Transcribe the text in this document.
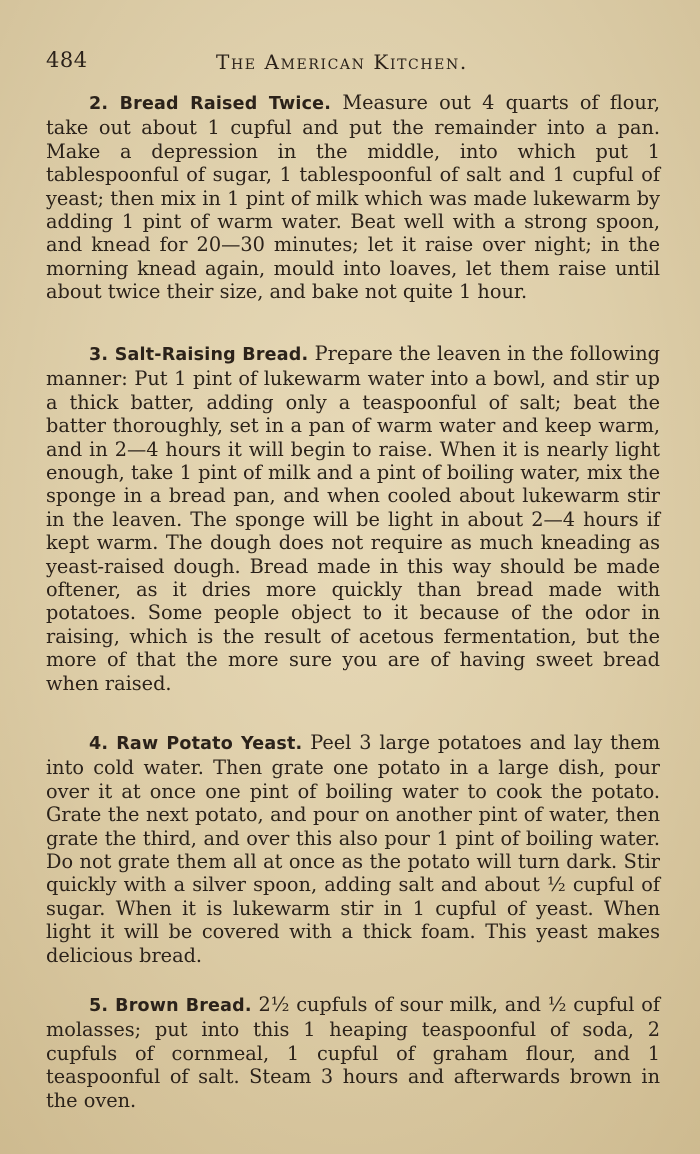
484	The American Kitchen.

2. Bread Raised Twice. Measure out 4 quarts of flour, take out about 1 cupful and put the remainder into a pan. Make a depression in the middle, into which put 1 tablespoonful of sugar, 1 tablespoonful of salt and 1 cupful of yeast; then mix in 1 pint of milk which was made lukewarm by adding 1 pint of warm water. Beat well with a strong spoon, and knead for 20—30 minutes; let it raise over night; in the morning knead again, mould into loaves, let them raise until about twice their size, and bake not quite 1 hour.

3. Salt-Raising Bread. Prepare the leaven in the following manner: Put 1 pint of lukewarm water into a bowl, and stir up a thick batter, adding only a teaspoonful of salt; beat the batter thoroughly, set in a pan of warm water and keep warm, and in 2—4 hours it will begin to raise. When it is nearly light enough, take 1 pint of milk and a pint of boiling water, mix the sponge in a bread pan, and when cooled about lukewarm stir in the leaven. The sponge will be light in about 2—4 hours if kept warm. The dough does not require as much kneading as yeast-raised dough. Bread made in this way should be made oftener, as it dries more quickly than bread made with potatoes. Some people object to it because of the odor in raising, which is the result of acetous fermentation, but the more of that the more sure you are of having sweet bread when raised.

4. Raw Potato Yeast. Peel 3 large potatoes and lay them into cold water. Then grate one potato in a large dish, pour over it at once one pint of boiling water to cook the potato. Grate the next potato, and pour on another pint of water, then grate the third, and over this also pour 1 pint of boiling water. Do not grate them all at once as the potato will turn dark. Stir quickly with a silver spoon, adding salt and about ½ cupful of sugar. When it is lukewarm stir in 1 cupful of yeast. When light it will be covered with a thick foam. This yeast makes delicious bread.

5. Brown Bread. 2½ cupfuls of sour milk, and ½ cupful of molasses; put into this 1 heaping teaspoonful of soda, 2 cupfuls of cornmeal, 1 cupful of graham flour, and 1 teaspoonful of salt. Steam 3 hours and afterwards brown in the oven.
